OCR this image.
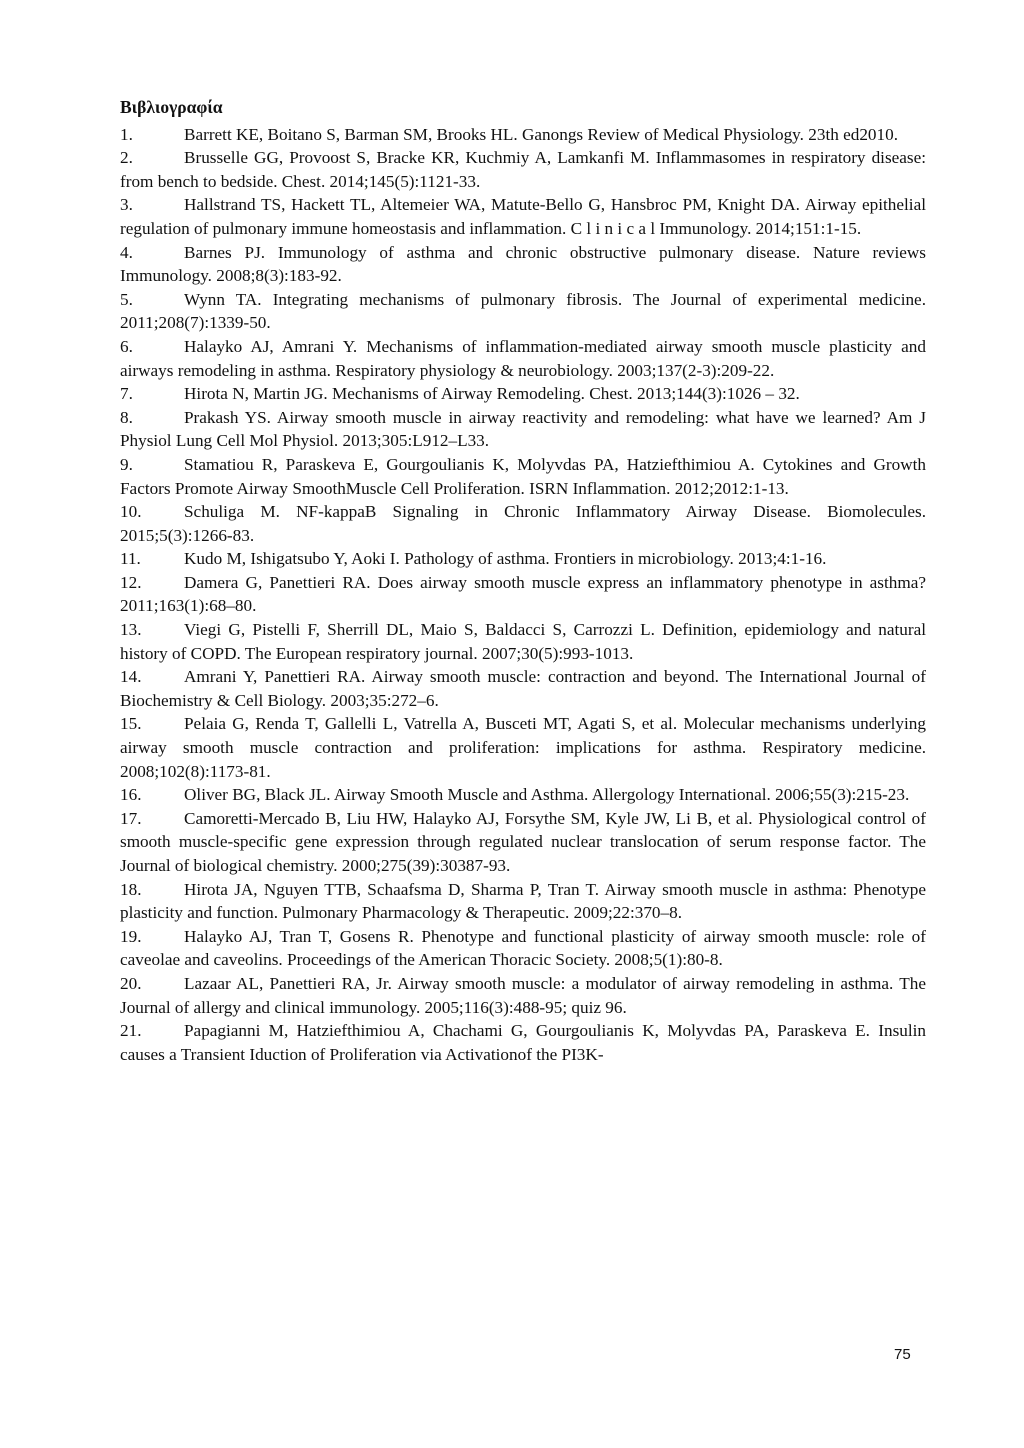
Βιβλιογραφία
1.	Barrett KE, Boitano S, Barman SM, Brooks HL. Ganongs Review of Medical Physiology. 23th ed2010.
2.	Brusselle GG, Provoost S, Bracke KR, Kuchmiy A, Lamkanfi M. Inflammasomes in respiratory disease: from bench to bedside. Chest. 2014;145(5):1121-33.
3.	Hallstrand TS, Hackett TL, Altemeier WA, Matute-Bello G, Hansbroc PM, Knight DA. Airway epithelial regulation of pulmonary immune homeostasis and inflammation. C l i n i c a l Immunology. 2014;151:1-15.
4.	Barnes PJ. Immunology of asthma and chronic obstructive pulmonary disease. Nature reviews Immunology. 2008;8(3):183-92.
5.	Wynn TA. Integrating mechanisms of pulmonary fibrosis. The Journal of experimental medicine. 2011;208(7):1339-50.
6.	Halayko AJ, Amrani Y. Mechanisms of inflammation-mediated airway smooth muscle plasticity and airways remodeling in asthma. Respiratory physiology & neurobiology. 2003;137(2-3):209-22.
7.	Hirota N, Martin JG. Mechanisms of Airway Remodeling. Chest. 2013;144(3):1026 – 32.
8.	Prakash YS. Airway smooth muscle in airway reactivity and remodeling: what have we learned? Am J Physiol Lung Cell Mol Physiol. 2013;305:L912–L33.
9.	Stamatiou R, Paraskeva E, Gourgoulianis K, Molyvdas PA, Hatziefthimiou A. Cytokines and Growth Factors Promote Airway SmoothMuscle Cell Proliferation. ISRN Inflammation. 2012;2012:1-13.
10. Schuliga M. NF-kappaB Signaling in Chronic Inflammatory Airway Disease. Biomolecules. 2015;5(3):1266-83.
11.	Kudo M, Ishigatsubo Y, Aoki I. Pathology of asthma. Frontiers in microbiology. 2013;4:1-16.
12. Damera G, Panettieri RA. Does airway smooth muscle express an inflammatory phenotype in asthma? 2011;163(1):68–80.
13. Viegi G, Pistelli F, Sherrill DL, Maio S, Baldacci S, Carrozzi L. Definition, epidemiology and natural history of COPD. The European respiratory journal. 2007;30(5):993-1013.
14. Amrani Y, Panettieri RA. Airway smooth muscle: contraction and beyond. The International Journal of Biochemistry & Cell Biology. 2003;35:272–6.
15. Pelaia G, Renda T, Gallelli L, Vatrella A, Busceti MT, Agati S, et al. Molecular mechanisms underlying airway smooth muscle contraction and proliferation: implications for asthma. Respiratory medicine. 2008;102(8):1173-81.
16. Oliver BG, Black JL. Airway Smooth Muscle and Asthma. Allergology International. 2006;55(3):215-23.
17. Camoretti-Mercado B, Liu HW, Halayko AJ, Forsythe SM, Kyle JW, Li B, et al. Physiological control of smooth muscle-specific gene expression through regulated nuclear translocation of serum response factor. The Journal of biological chemistry. 2000;275(39):30387-93.
18. Hirota JA, Nguyen TTB, Schaafsma D, Sharma P, Tran T. Airway smooth muscle in asthma: Phenotype plasticity and function. Pulmonary Pharmacology & Therapeutic. 2009;22:370–8.
19. Halayko AJ, Tran T, Gosens R. Phenotype and functional plasticity of airway smooth muscle: role of caveolae and caveolins. Proceedings of the American Thoracic Society. 2008;5(1):80-8.
20. Lazaar AL, Panettieri RA, Jr. Airway smooth muscle: a modulator of airway remodeling in asthma. The Journal of allergy and clinical immunology. 2005;116(3):488-95; quiz 96.
21. Papagianni M, Hatziefthimiou A, Chachami G, Gourgoulianis K, Molyvdas PA, Paraskeva E. Insulin causes a Transient Iduction of Proliferation via Activationof the PI3K-
75
